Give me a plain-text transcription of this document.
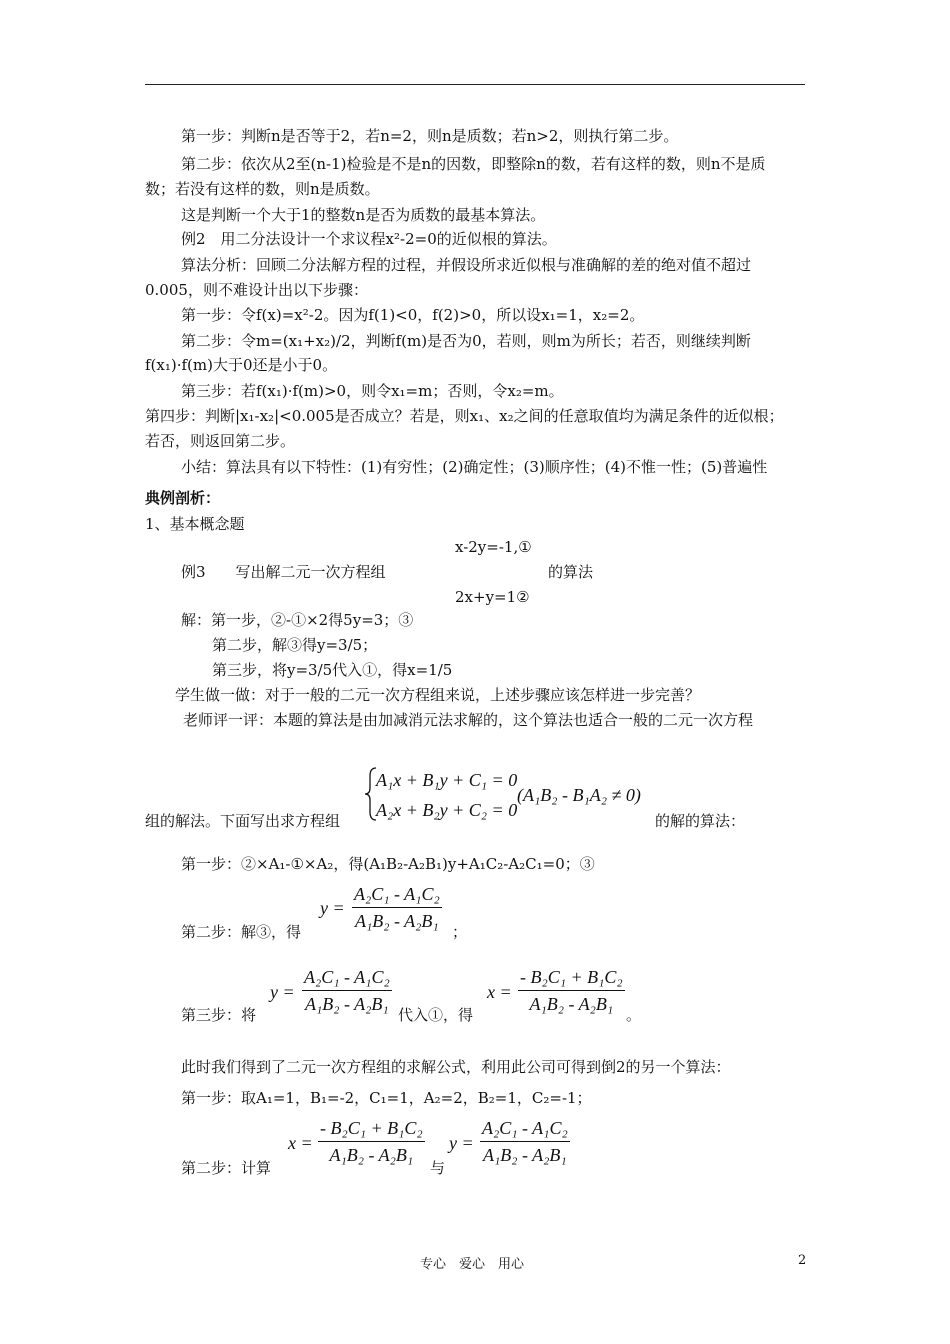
第一步：判断n是否等于2，若n=2，则n是质数；若n>2，则执行第二步。
第二步：依次从2至(n-1)检验是不是n的因数，即整除n的数，若有这样的数，则n不是质
数；若没有这样的数，则n是质数。
这是判断一个大于1的整数n是否为质数的最基本算法。
例2　用二分法设计一个求议程x²-2=0的近似根的算法。
算法分析：回顾二分法解方程的过程，并假设所求近似根与准确解的差的绝对值不超过
0.005，则不难设计出以下步骤：
第一步：令f(x)=x²-2。因为f(1)<0，f(2)>0，所以设x₁=1，x₂=2。
第二步：令m=(x₁+x₂)/2，判断f(m)是否为0，若则，则m为所长；若否，则继续判断
f(x₁)·f(m)大于0还是小于0。
第三步：若f(x₁)·f(m)>0，则令x₁=m；否则，令x₂=m。
第四步：判断|x₁-x₂|<0.005是否成立？若是，则x₁、x₂之间的任意取值均为满足条件的近似根；
若否，则返回第二步。
小结：算法具有以下特性：(1)有穷性；(2)确定性；(3)顺序性；(4)不惟一性；(5)普遍性
典例剖析：
1、基本概念题
x-2y=-1,①
例3　　写出解二元一次方程组	的算法
2x+y=1②
解：第一步，②-①×2得5y=3；③
第二步，解③得y=3/5；
第三步，将y=3/5代入①，得x=1/5
学生做一做：对于一般的二元一次方程组来说，上述步骤应该怎样进一步完善？
老师评一评：本题的算法是由加减消元法求解的，这个算法也适合一般的二元一次方程
A₁x + B₁y + C₁ = 0
A₂x + B₂y + C₂ = 0
(A₁B₂ - B₁A₂ ≠ 0)
组的解法。下面写出求方程组	的解的算法：
第一步：②×A₁-①×A₂，得(A₁B₂-A₂B₁)y+A₁C₂-A₂C₁=0；③
第二步：解③，得
$y = \frac{\text{A₂C₁ - A₁C₂}}{\text{A₁B₂ - A₂B₁}}$ ；
第三步：将
$y = \frac{\text{A₂C₁ - A₁C₂}}{\text{A₁B₂ - A₂B₁}}$ 代入①，得
$x = \frac{\text{- B₂C₁ + B₁C₂}}{\text{A₁B₂ - A₂B₁}}$ 。
此时我们得到了二元一次方程组的求解公式，利用此公司可得到倒2的另一个算法：
第一步：取A₁=1，B₁=-2，C₁=1，A₂=2，B₂=1，C₂=-1；
第二步：计算
$x = \frac{\text{- B₂C₁ + B₁C₂}}{\text{A₁B₂ - A₂B₁}}$
与
$y = \frac{\text{A₂C₁ - A₁C₂}}{\text{A₁B₂ - A₂B₁}}$
专心　爱心　用心	2
